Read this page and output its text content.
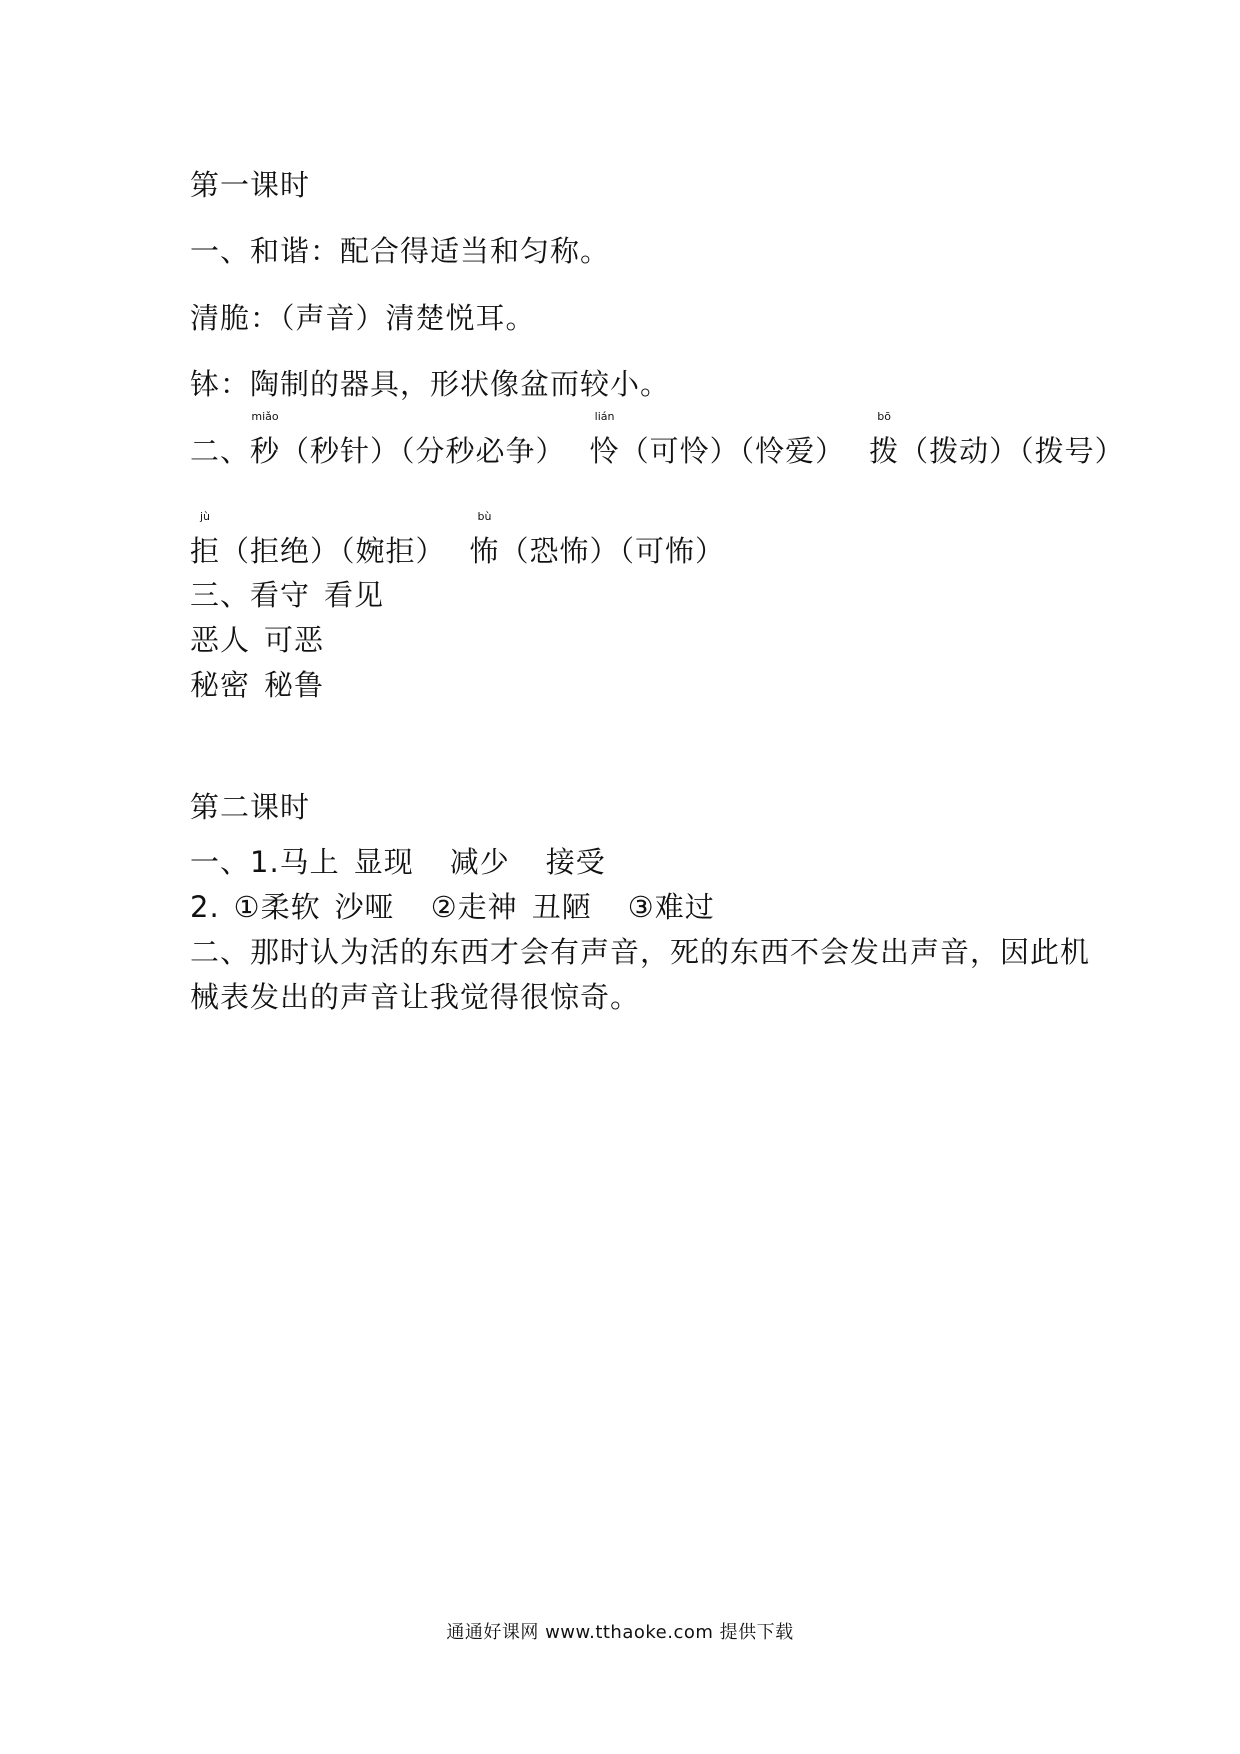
第一课时
一、和谐：配合得适当和匀称。
清脆：（声音）清楚悦耳。
钵：陶制的器具，形状像盆而较小。
二、
miǎo
秒（秒针）（分秒必争）
lián
怜（可怜）（怜爱）
bō
拨（拨动）（拨号）
jù
拒（拒绝）（婉拒）
bù
怖（恐怖）（可怖）
三、看守 看见
恶人 可恶
秘密 秘鲁
第二课时
一、1.马上 显现 减少 接受
2. ①柔软 沙哑 ②走神 丑陋 ③难过
二、那时认为活的东西才会有声音，死的东西不会发出声音，因此机
械表发出的声音让我觉得很惊奇。
通通好课网 www.tthaoke.com 提供下载
